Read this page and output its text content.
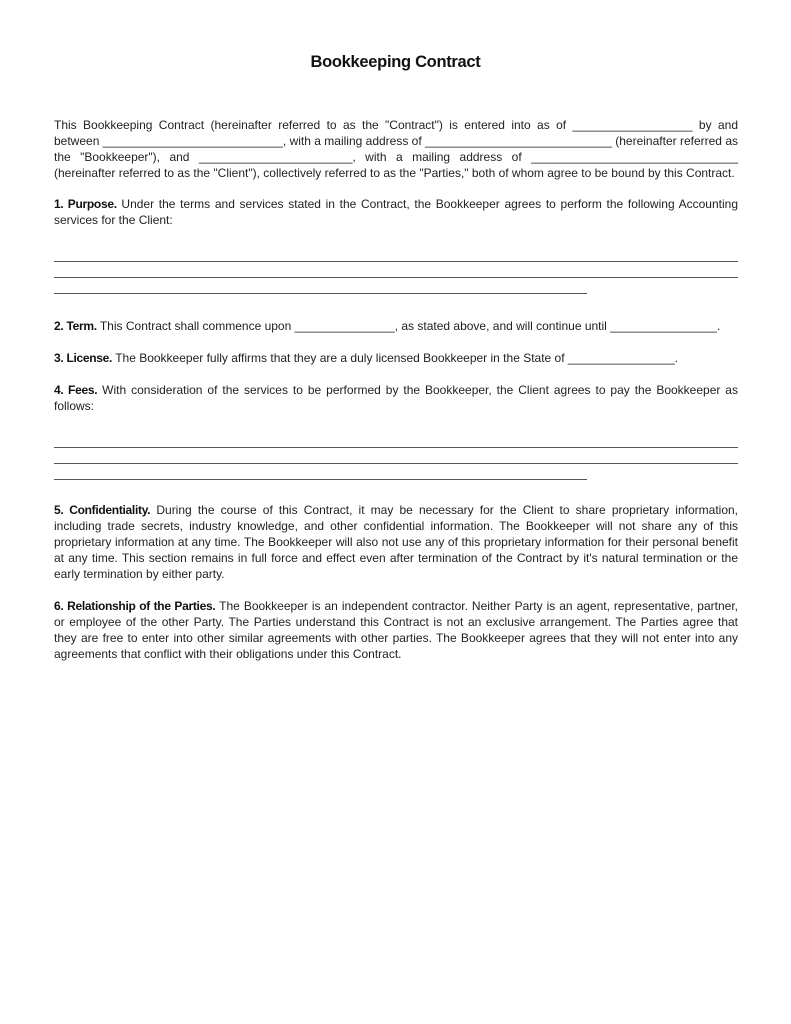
Bookkeeping Contract

This Bookkeeping Contract (hereinafter referred to as the "Contract") is entered into as of __________________ by and between ___________________________, with a mailing address of ____________________________ (hereinafter referred as the "Bookkeeper"), and _______________________, with a mailing address of _______________________________ (hereinafter referred to as the "Client"), collectively referred to as the "Parties," both of whom agree to be bound by this Contract.

1. Purpose. Under the terms and services stated in the Contract, the Bookkeeper agrees to perform the following Accounting services for the Client:

2. Term. This Contract shall commence upon _______________, as stated above, and will continue until ________________.

3. License. The Bookkeeper fully affirms that they are a duly licensed Bookkeeper in the State of ________________.

4. Fees. With consideration of the services to be performed by the Bookkeeper, the Client agrees to pay the Bookkeeper as follows:

5. Confidentiality. During the course of this Contract, it may be necessary for the Client to share proprietary information, including trade secrets, industry knowledge, and other confidential information. The Bookkeeper will not share any of this proprietary information at any time. The Bookkeeper will also not use any of this proprietary information for their personal benefit at any time. This section remains in full force and effect even after termination of the Contract by it's natural termination or the early termination by either party.

6. Relationship of the Parties. The Bookkeeper is an independent contractor. Neither Party is an agent, representative, partner, or employee of the other Party. The Parties understand this Contract is not an exclusive arrangement. The Parties agree that they are free to enter into other similar agreements with other parties. The Bookkeeper agrees that they will not enter into any agreements that conflict with their obligations under this Contract.
